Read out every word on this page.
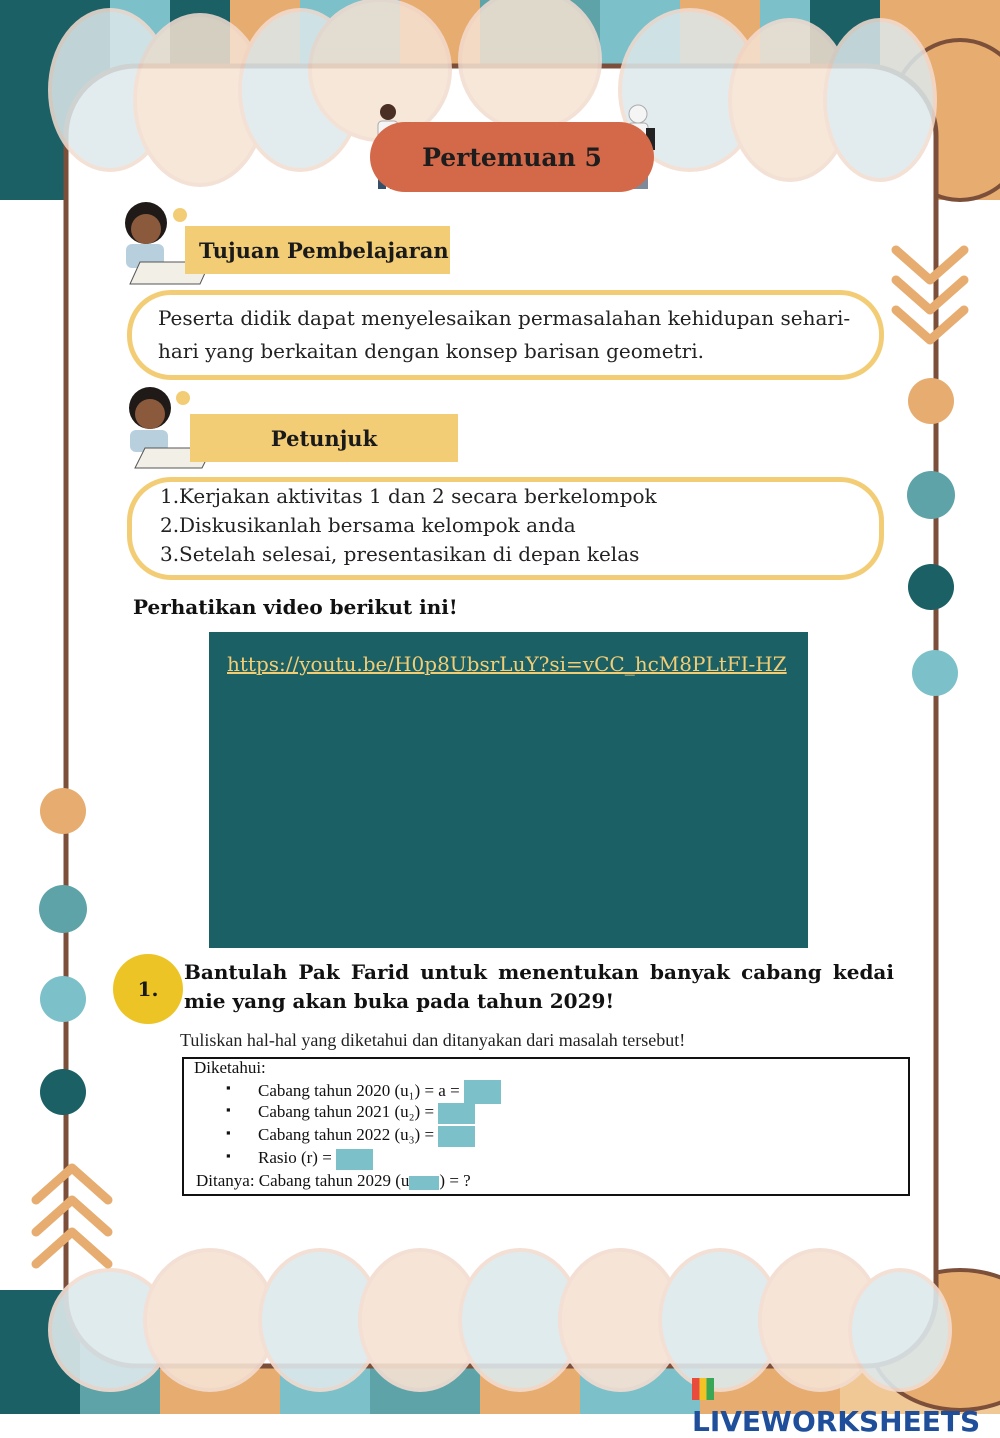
Pertemuan 5
Tujuan Pembelajaran
Peserta didik dapat menyelesaikan permasalahan kehidupan sehari-hari yang berkaitan dengan konsep barisan geometri.
Petunjuk
1.Kerjakan aktivitas 1 dan 2 secara berkelompok
2.Diskusikanlah bersama kelompok anda
3.Setelah selesai, presentasikan di depan kelas
Perhatikan video berikut ini!
https://youtu.be/H0p8UbsrLuY?si=vCC_hcM8PLtFI-HZ
1.
Bantulah Pak Farid untuk menentukan banyak cabang kedai mie yang akan buka pada tahun 2029!
Tuliskan hal-hal yang diketahui dan ditanyakan dari masalah tersebut!
Diketahui:
▪ Cabang tahun 2020 (u₁) = a =
▪ Cabang tahun 2021 (u₂) =
▪ Cabang tahun 2022 (u₃) =
▪ Rasio (r) =
Ditanya: Cabang tahun 2029 (u ) = ?
LIVEWORKSHEETS
